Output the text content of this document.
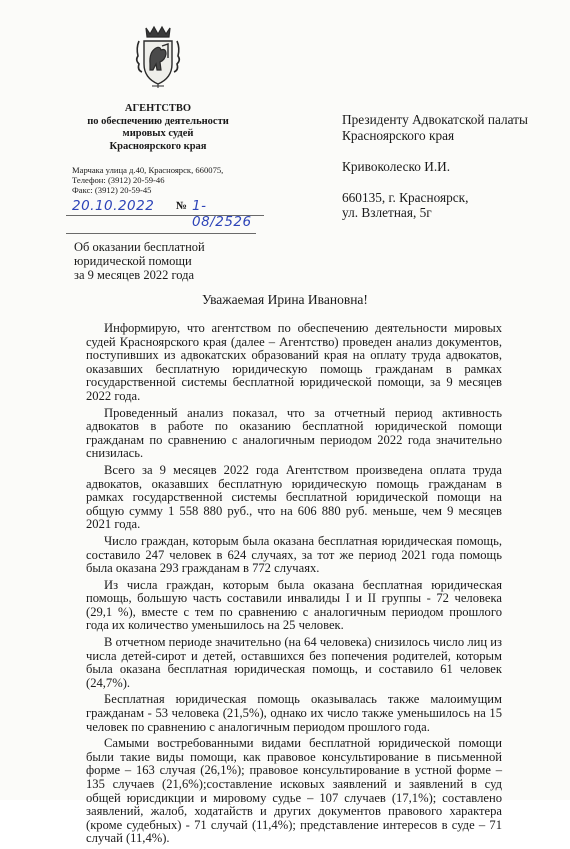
АГЕНТСТВО
по обеспечению деятельности
мировых судей
Красноярского края
Марчака улица д.40, Красноярск, 660075,
Телефон: (3912) 20-59-46
Факс: (3912) 20-59-45
20.10.2022 № 1-08/2526
Об оказании бесплатной
юридической помощи
за 9 месяцев 2022 года
Президенту Адвокатской палаты
Красноярского края

Кривоколеско И.И.

660135, г. Красноярск,
ул. Взлетная, 5г
Уважаемая Ирина Ивановна!

Информирую, что агентством по обеспечению деятельности мировых судей Красноярского края (далее – Агентство) проведен анализ документов, поступивших из адвокатских образований края на оплату труда адвокатов, оказавших бесплатную юридическую помощь гражданам в рамках государственной системы бесплатной юридической помощи, за 9 месяцев 2022 года.

Проведенный анализ показал, что за отчетный период активность адвокатов в работе по оказанию бесплатной юридической помощи гражданам по сравнению с аналогичным периодом 2022 года значительно снизилась.

Всего за 9 месяцев 2022 года Агентством произведена оплата труда адвокатов, оказавших бесплатную юридическую помощь гражданам в рамках государственной системы бесплатной юридической помощи на общую сумму 1 558 880 руб., что на 606 880 руб. меньше, чем 9 месяцев 2021 года.

Число граждан, которым была оказана бесплатная юридическая помощь, составило 247 человек в 624 случаях, за тот же период 2021 года помощь была оказана 293 гражданам в 772 случаях.

Из числа граждан, которым была оказана бесплатная юридическая помощь, большую часть составили инвалиды I и II группы - 72 человека (29,1 %), вместе с тем по сравнению с аналогичным периодом прошлого года их количество уменьшилось на 25 человек.

В отчетном периоде значительно (на 64 человека) снизилось число лиц из числа детей-сирот и детей, оставшихся без попечения родителей, которым была оказана бесплатная юридическая помощь, и составило 61 человек (24,7%).

Бесплатная юридическая помощь оказывалась также малоимущим гражданам - 53 человека (21,5%), однако их число также уменьшилось на 15 человек по сравнению с аналогичным периодом прошлого года.

Самыми востребованными видами бесплатной юридической помощи были такие виды помощи, как правовое консультирование в письменной форме – 163 случая (26,1%); правовое консультирование в устной форме – 135 случаев (21,6%);составление исковых заявлений и заявлений в суд общей юрисдикции и мировому судье – 107 случаев (17,1%); составлено заявлений, жалоб, ходатайств и других документов правового характера (кроме судебных) - 71 случай (11,4%); представление интересов в суде – 71 случай (11,4%).
